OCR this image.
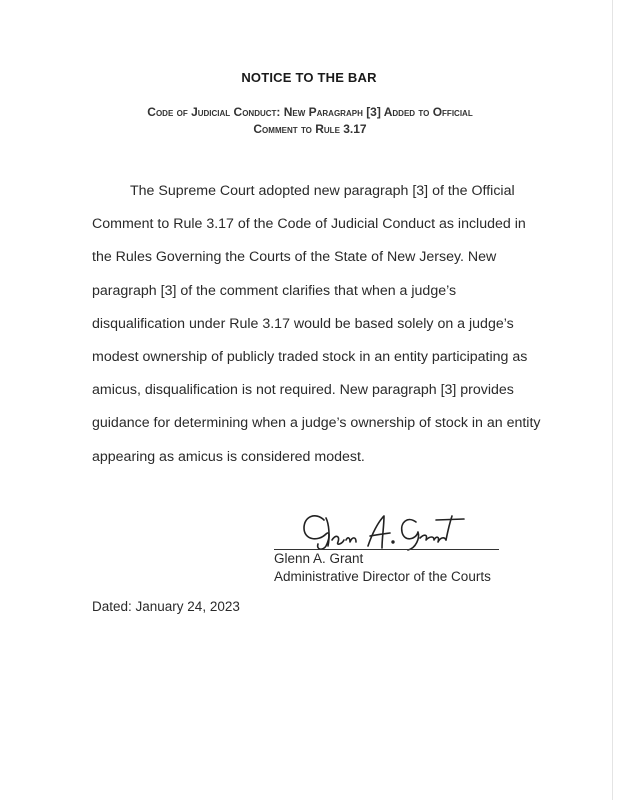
NOTICE TO THE BAR
Code of Judicial Conduct: New Paragraph [3] Added to Official
Comment to Rule 3.17

The Supreme Court adopted new paragraph [3] of the Official Comment to Rule 3.17 of the Code of Judicial Conduct as included in the Rules Governing the Courts of the State of New Jersey. New paragraph [3] of the comment clarifies that when a judge’s disqualification under Rule 3.17 would be based solely on a judge’s modest ownership of publicly traded stock in an entity participating as amicus, disqualification is not required. New paragraph [3] provides guidance for determining when a judge’s ownership of stock in an entity appearing as amicus is considered modest.

Glenn A. Grant
Administrative Director of the Courts
Dated: January 24, 2023
